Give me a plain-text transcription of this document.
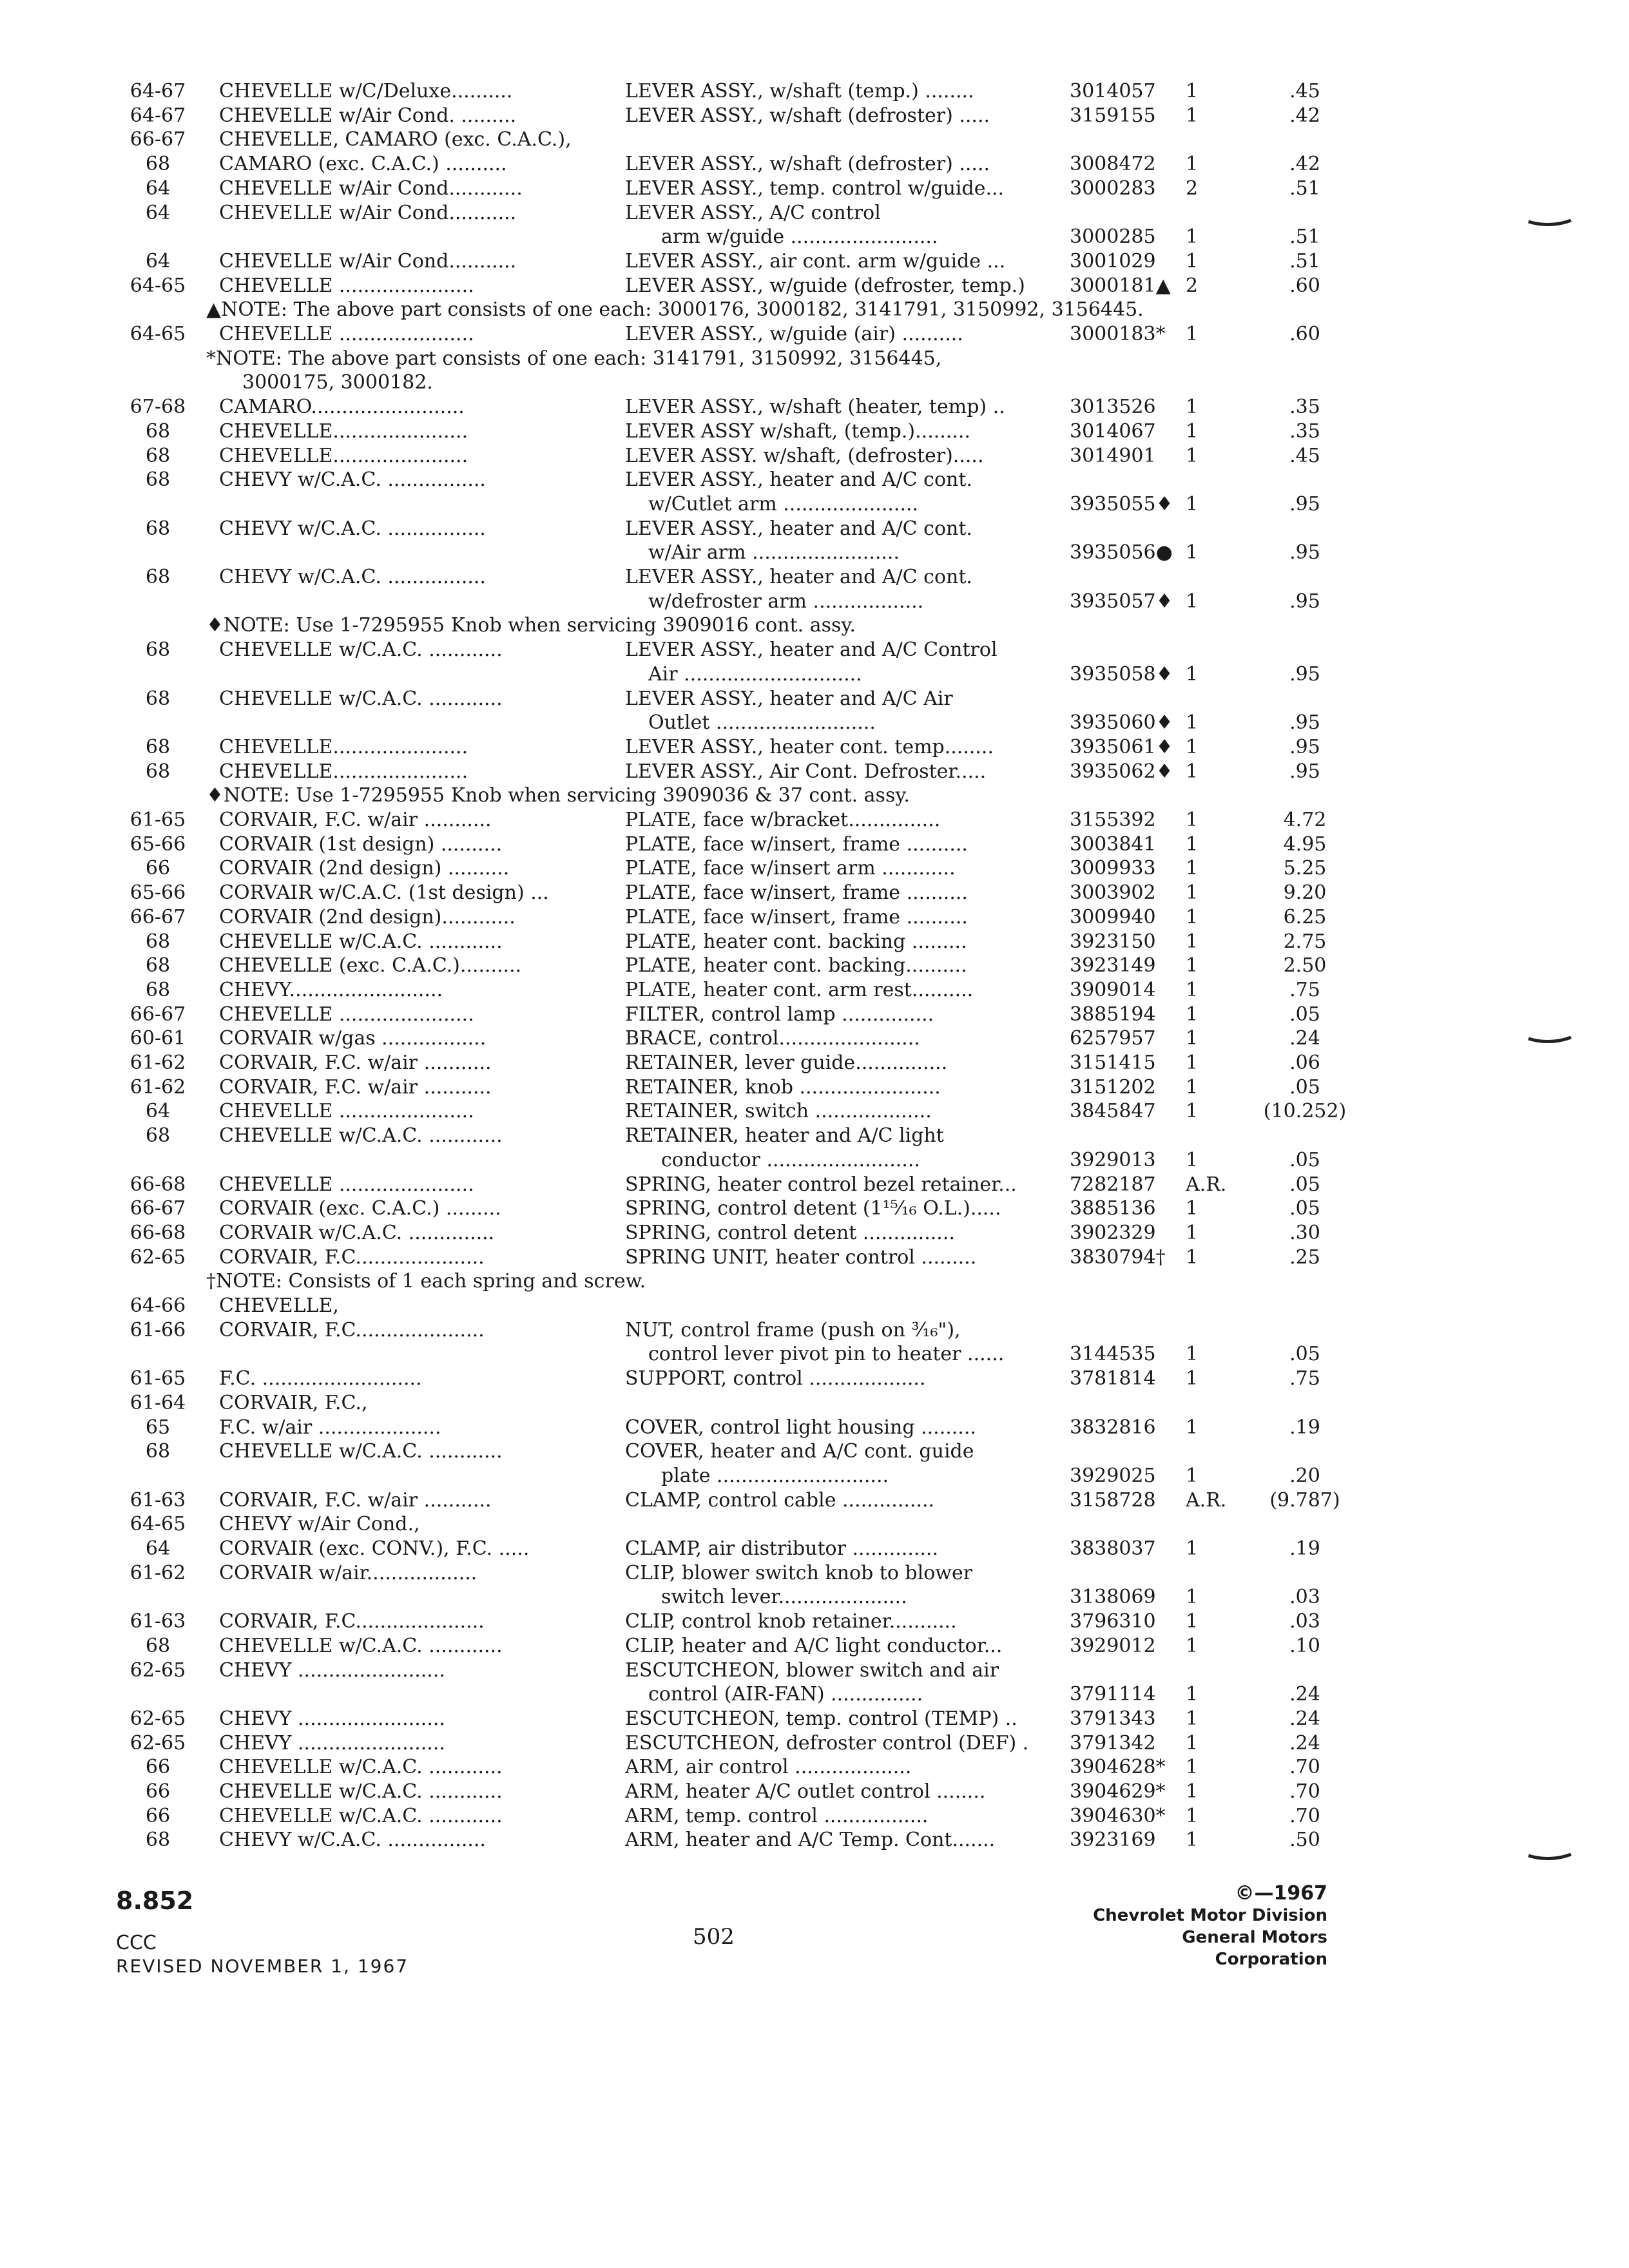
64-67	CHEVELLE w/C/Deluxe..........	LEVER ASSY., w/shaft (temp.) ........	3014057	1	.45
64-67	CHEVELLE w/Air Cond. .........	LEVER ASSY., w/shaft (defroster) .....	3159155	1	.42
66-67	CHEVELLE, CAMARO (exc. C.A.C.),
68	CAMARO (exc. C.A.C.) ..........	LEVER ASSY., w/shaft (defroster) .....	3008472	1	.42
64	CHEVELLE w/Air Cond............	LEVER ASSY., temp. control w/guide...	3000283	2	.51
64	CHEVELLE w/Air Cond...........	LEVER ASSY., A/C control
arm w/guide ........................	3000285	1	.51
64	CHEVELLE w/Air Cond...........	LEVER ASSY., air cont. arm w/guide ...	3001029	1	.51
64-65	CHEVELLE ......................	LEVER ASSY., w/guide (defroster, temp.)	3000181▲ 2	.60
▲NOTE: The above part consists of one each: 3000176, 3000182, 3141791, 3150992, 3156445.
64-65	CHEVELLE ......................	LEVER ASSY., w/guide (air) ..........	3000183*	1	.60
*NOTE: The above part consists of one each: 3141791, 3150992, 3156445,
3000175, 3000182.
67-68	CAMARO.........................	LEVER ASSY., w/shaft (heater, temp) ..	3013526	1	.35
68	CHEVELLE......................	LEVER ASSY w/shaft, (temp.).........	3014067	1	.35
68	CHEVELLE......................	LEVER ASSY. w/shaft, (defroster).....	3014901	1	.45
68	CHEVY w/C.A.C. ................	LEVER ASSY., heater and A/C cont.
w/Cutlet arm ......................	3935055♦ 1	.95
68	CHEVY w/C.A.C. ................	LEVER ASSY., heater and A/C cont.
w/Air arm ........................	3935056● 1	.95
68	CHEVY w/C.A.C. ................	LEVER ASSY., heater and A/C cont.
w/defroster arm ..................	3935057♦ 1	.95
♦NOTE: Use 1-7295955 Knob when servicing 3909016 cont. assy.
68	CHEVELLE w/C.A.C. ............	LEVER ASSY., heater and A/C Control
Air .............................	3935058♦ 1	.95
68	CHEVELLE w/C.A.C. ............	LEVER ASSY., heater and A/C Air
Outlet ..........................	3935060♦ 1	.95
68	CHEVELLE......................	LEVER ASSY., heater cont. temp........	3935061♦ 1	.95
68	CHEVELLE......................	LEVER ASSY., Air Cont. Defroster.....	3935062♦ 1	.95
♦NOTE: Use 1-7295955 Knob when servicing 3909036 & 37 cont. assy.
61-65	CORVAIR, F.C. w/air ...........	PLATE, face w/bracket...............	3155392	1	4.72
65-66	CORVAIR (1st design) ..........	PLATE, face w/insert, frame ..........	3003841	1	4.95
66	CORVAIR (2nd design) ..........	PLATE, face w/insert arm ............	3009933	1	5.25
65-66	CORVAIR w/C.A.C. (1st design) ...	PLATE, face w/insert, frame ..........	3003902	1	9.20
66-67	CORVAIR (2nd design)............	PLATE, face w/insert, frame ..........	3009940	1	6.25
68	CHEVELLE w/C.A.C. ............	PLATE, heater cont. backing .........	3923150	1	2.75
68	CHEVELLE (exc. C.A.C.)..........	PLATE, heater cont. backing..........	3923149	1	2.50
68	CHEVY.........................	PLATE, heater cont. arm rest..........	3909014	1	.75
66-67	CHEVELLE ......................	FILTER, control lamp ...............	3885194	1	.05
60-61	CORVAIR w/gas .................	BRACE, control.......................	6257957	1	.24
61-62	CORVAIR, F.C. w/air ...........	RETAINER, lever guide...............	3151415	1	.06
61-62	CORVAIR, F.C. w/air ...........	RETAINER, knob .......................	3151202	1	.05
64	CHEVELLE ......................	RETAINER, switch ...................	3845847	1	(10.252)
68	CHEVELLE w/C.A.C. ............	RETAINER, heater and A/C light
conductor .........................	3929013	1	.05
66-68	CHEVELLE ......................	SPRING, heater control bezel retainer...	7282187	A.R.	.05
66-67	CORVAIR (exc. C.A.C.) .........	SPRING, control detent (1¹⁵⁄₁₆ O.L.).....	3885136	1	.05
66-68	CORVAIR w/C.A.C. ..............	SPRING, control detent ...............	3902329	1	.30
62-65	CORVAIR, F.C.....................	SPRING UNIT, heater control .........	3830794†	1	.25
†NOTE: Consists of 1 each spring and screw.
64-66	CHEVELLE,
61-66	CORVAIR, F.C.....................	NUT, control frame (push on ³⁄₁₆"),
control lever pivot pin to heater ......	3144535	1	.05
61-65	F.C. ..........................	SUPPORT, control ...................	3781814	1	.75
61-64	CORVAIR, F.C.,
65	F.C. w/air ....................	COVER, control light housing .........	3832816	1	.19
68	CHEVELLE w/C.A.C. ............	COVER, heater and A/C cont. guide
plate ............................	3929025	1	.20
61-63	CORVAIR, F.C. w/air ...........	CLAMP, control cable ...............	3158728	A.R.	(9.787)
64-65	CHEVY w/Air Cond.,
64	CORVAIR (exc. CONV.), F.C. .....	CLAMP, air distributor ..............	3838037	1	.19
61-62	CORVAIR w/air..................	CLIP, blower switch knob to blower
switch lever.....................	3138069	1	.03
61-63	CORVAIR, F.C.....................	CLIP, control knob retainer...........	3796310	1	.03
68	CHEVELLE w/C.A.C. ............	CLIP, heater and A/C light conductor...	3929012	1	.10
62-65	CHEVY ........................	ESCUTCHEON, blower switch and air
control (AIR-FAN) ...............	3791114	1	.24
62-65	CHEVY ........................	ESCUTCHEON, temp. control (TEMP) ..	3791343	1	.24
62-65	CHEVY ........................	ESCUTCHEON, defroster control (DEF) .	3791342	1	.24
66	CHEVELLE w/C.A.C. ............	ARM, air control ...................	3904628*	1	.70
66	CHEVELLE w/C.A.C. ............	ARM, heater A/C outlet control ........	3904629*	1	.70
66	CHEVELLE w/C.A.C. ............	ARM, temp. control .................	3904630*	1	.70
68	CHEVY w/C.A.C. ................	ARM, heater and A/C Temp. Cont.......	3923169	1	.50
8.852
CCC
REVISED NOVEMBER 1, 1967
502
©—1967
Chevrolet Motor Division
General Motors Corporation
